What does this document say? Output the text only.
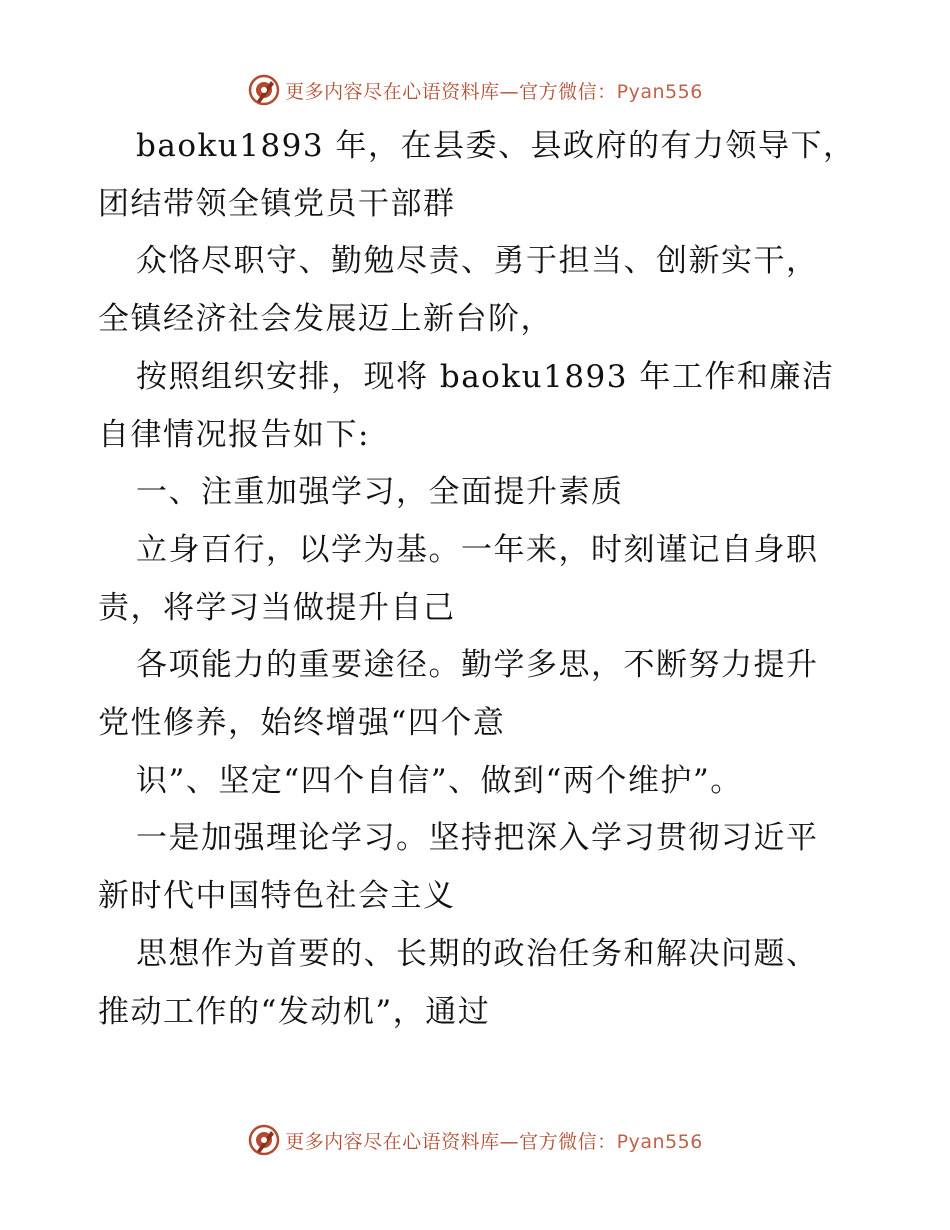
更多内容尽在心语资料库—官方微信：Pyan556
baoku1893 年，在县委、县政府的有力领导下，
团结带领全镇党员干部群
众恪尽职守、勤勉尽责、勇于担当、创新实干，
全镇经济社会发展迈上新台阶，
按照组织安排，现将 baoku1893 年工作和廉洁
自律情况报告如下:
一、注重加强学习，全面提升素质
立身百行，以学为基。一年来，时刻谨记自身职
责，将学习当做提升自己
各项能力的重要途径。勤学多思，不断努力提升
党性修养，始终增强“四个意
识”、坚定“四个自信”、做到“两个维护”。
一是加强理论学习。坚持把深入学习贯彻习近平
新时代中国特色社会主义
思想作为首要的、长期的政治任务和解决问题、
推动工作的“发动机”，通过
更多内容尽在心语资料库—官方微信：Pyan556
